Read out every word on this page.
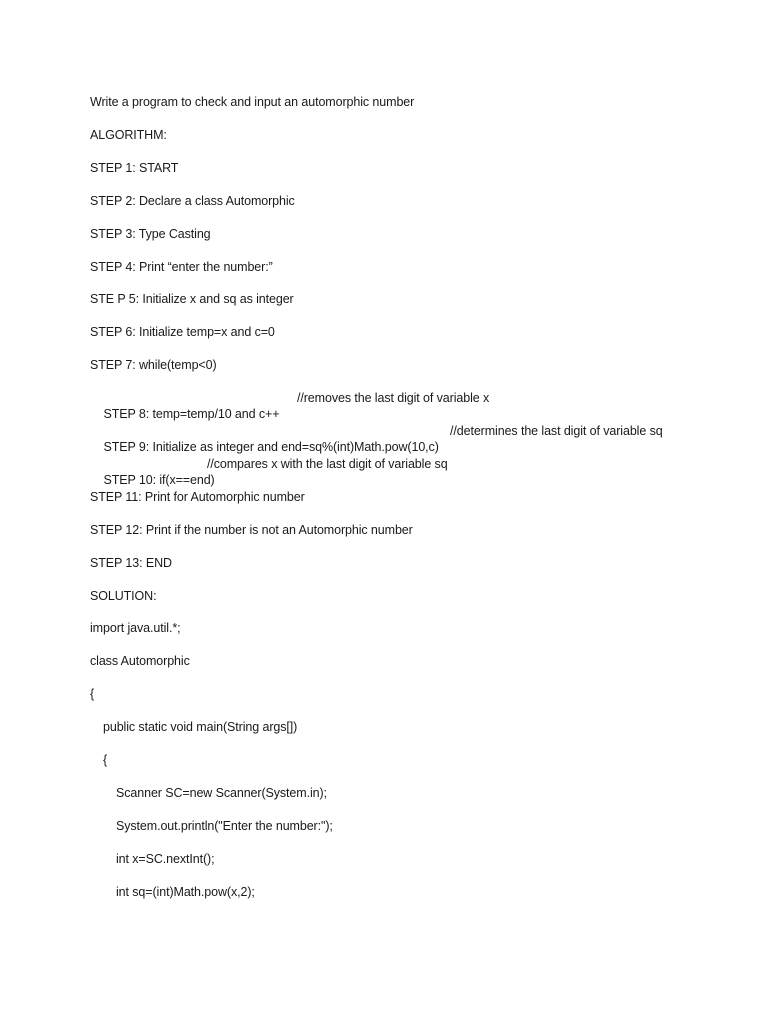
Write a program to check and input an automorphic number
ALGORITHM:
STEP 1: START
STEP 2: Declare a class Automorphic
STEP 3: Type Casting
STEP 4: Print “enter the number:”
STE P 5: Initialize x and sq as integer
STEP 6: Initialize temp=x and c=0
STEP 7: while(temp<0)

STEP 8: temp=temp/10 and c++

//removes the last digit of variable x

STEP 9: Initialize as integer and end=sq%(int)Math.pow(10,c)

//determines the last digit of variable sq

STEP 10: if(x==end)

//compares x with the last digit of variable sq
STEP 11: Print for Automorphic number
STEP 12: Print if the number is not an Automorphic number
STEP 13: END
SOLUTION:
import java.util.*;
class Automorphic
{
public static void main(String args[])
{
Scanner SC=new Scanner(System.in);
System.out.println("Enter the number:");
int x=SC.nextInt();
int sq=(int)Math.pow(x,2);
